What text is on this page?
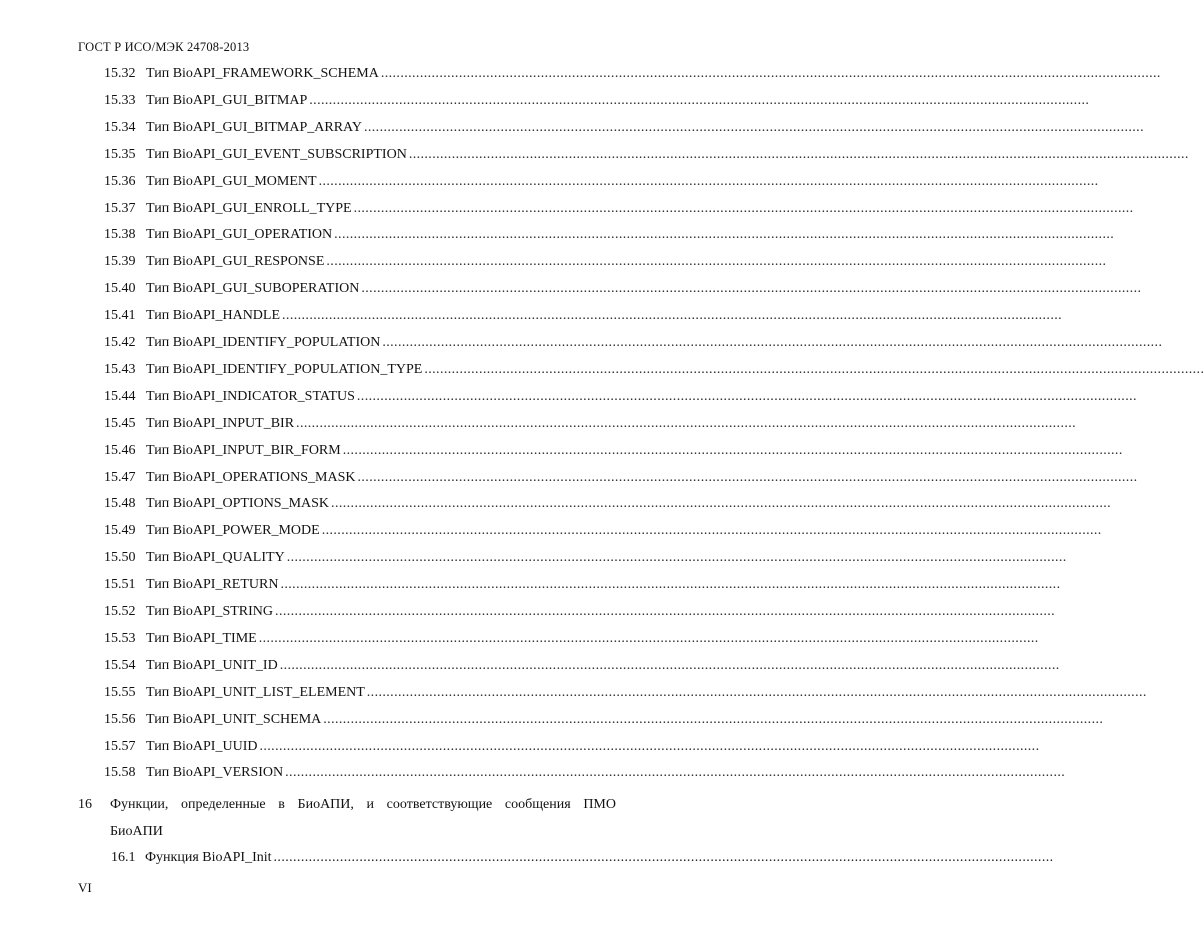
ГОСТ Р ИСО/МЭК 24708-2013
15.32 Тип BioAPI_FRAMEWORK_SCHEMA ........................................................................................................................................................................................................
15.33 Тип BioAPI_GUI_BITMAP ........................................................................................................................................................................................................
15.34 Тип BioAPI_GUI_BITMAP_ARRAY ........................................................................................................................................................................................................
15.35 Тип BioAPI_GUI_EVENT_SUBSCRIPTION ........................................................................................................................................................................................................
15.36 Тип BioAPI_GUI_MOMENT ........................................................................................................................................................................................................
15.37 Тип BioAPI_GUI_ENROLL_TYPE ........................................................................................................................................................................................................
15.38 Тип BioAPI_GUI_OPERATION ........................................................................................................................................................................................................
15.39 Тип BioAPI_GUI_RESPONSE ........................................................................................................................................................................................................
15.40 Тип BioAPI_GUI_SUBOPERATION ........................................................................................................................................................................................................
15.41 Тип BioAPI_HANDLE ........................................................................................................................................................................................................
15.42 Тип BioAPI_IDENTIFY_POPULATION ........................................................................................................................................................................................................
15.43 Тип BioAPI_IDENTIFY_POPULATION_TYPE ........................................................................................................................................................................................................
15.44 Тип BioAPI_INDICATOR_STATUS ........................................................................................................................................................................................................
15.45 Тип BioAPI_INPUT_BIR ........................................................................................................................................................................................................
15.46 Тип BioAPI_INPUT_BIR_FORM ........................................................................................................................................................................................................
15.47 Тип BioAPI_OPERATIONS_MASK ........................................................................................................................................................................................................
15.48 Тип BioAPI_OPTIONS_MASK ........................................................................................................................................................................................................
15.49 Тип BioAPI_POWER_MODE ........................................................................................................................................................................................................
15.50 Тип BioAPI_QUALITY ........................................................................................................................................................................................................
15.51 Тип BioAPI_RETURN ........................................................................................................................................................................................................
15.52 Тип BioAPI_STRING ........................................................................................................................................................................................................
15.53 Тип BioAPI_TIME ........................................................................................................................................................................................................
15.54 Тип BioAPI_UNIT_ID ........................................................................................................................................................................................................
15.55 Тип BioAPI_UNIT_LIST_ELEMENT ........................................................................................................................................................................................................
15.56 Тип BioAPI_UNIT_SCHEMA ........................................................................................................................................................................................................
15.57 Тип BioAPI_UUID ........................................................................................................................................................................................................
15.58 Тип BioAPI_VERSION ........................................................................................................................................................................................................
16 Функции, определенные в БиоАПИ, и соответствующие сообщения ПМО
БиоАПИ
16.1 Функция BioAPI_Init ........................................................................................................................................................................................................
VI
